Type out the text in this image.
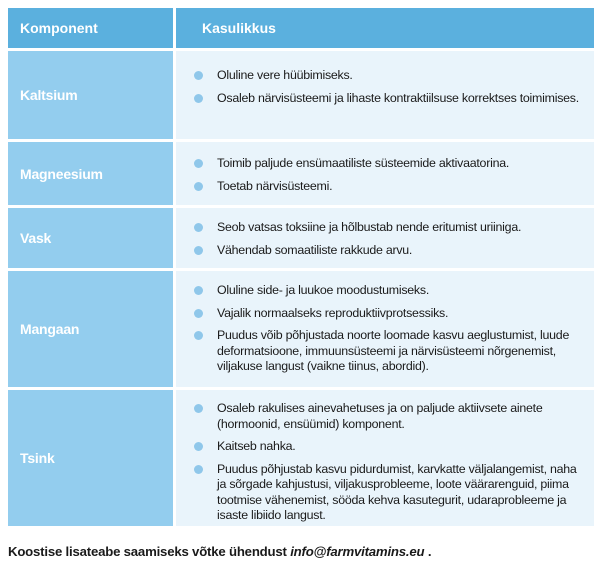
Komponent	Kasulikkus
Kaltsium
Oluline vere hüübimiseks.
Osaleb närvisüsteemi ja lihaste kontraktiilsuse korrektses toimimises.
Magneesium
Toimib paljude ensümaatiliste süsteemide aktivaatorina.
Toetab närvisüsteemi.
Vask
Seob vatsas toksiine ja hõlbustab nende eritumist uriiniga.
Vähendab somaatiliste rakkude arvu.
Mangaan
Oluline side- ja luukoe moodustumiseks.
Vajalik normaalseks reproduktiivprotsessiks.
Puudus võib põhjustada noorte loomade kasvu aeglustumist, luude deformatsioone, immuunsüsteemi ja närvisüsteemi nõrgenemist, viljakuse langust (vaikne tiinus, abordid).
Tsink
Osaleb rakulises ainevahetuses ja on paljude aktiivsete ainete (hormoonid, ensüümid) komponent.
Kaitseb nahka.
Puudus põhjustab kasvu pidurdumist, karvkatte väljalangemist, naha ja sõrgade kahjustusi, viljakusprobleeme, loote väärarenguid, piima tootmise vähenemist, sööda kehva kasutegurit, udaraprobleeme ja isaste libiido langust.
Koostise lisateabe saamiseks võtke ühendust info@farmvitamins.eu .
